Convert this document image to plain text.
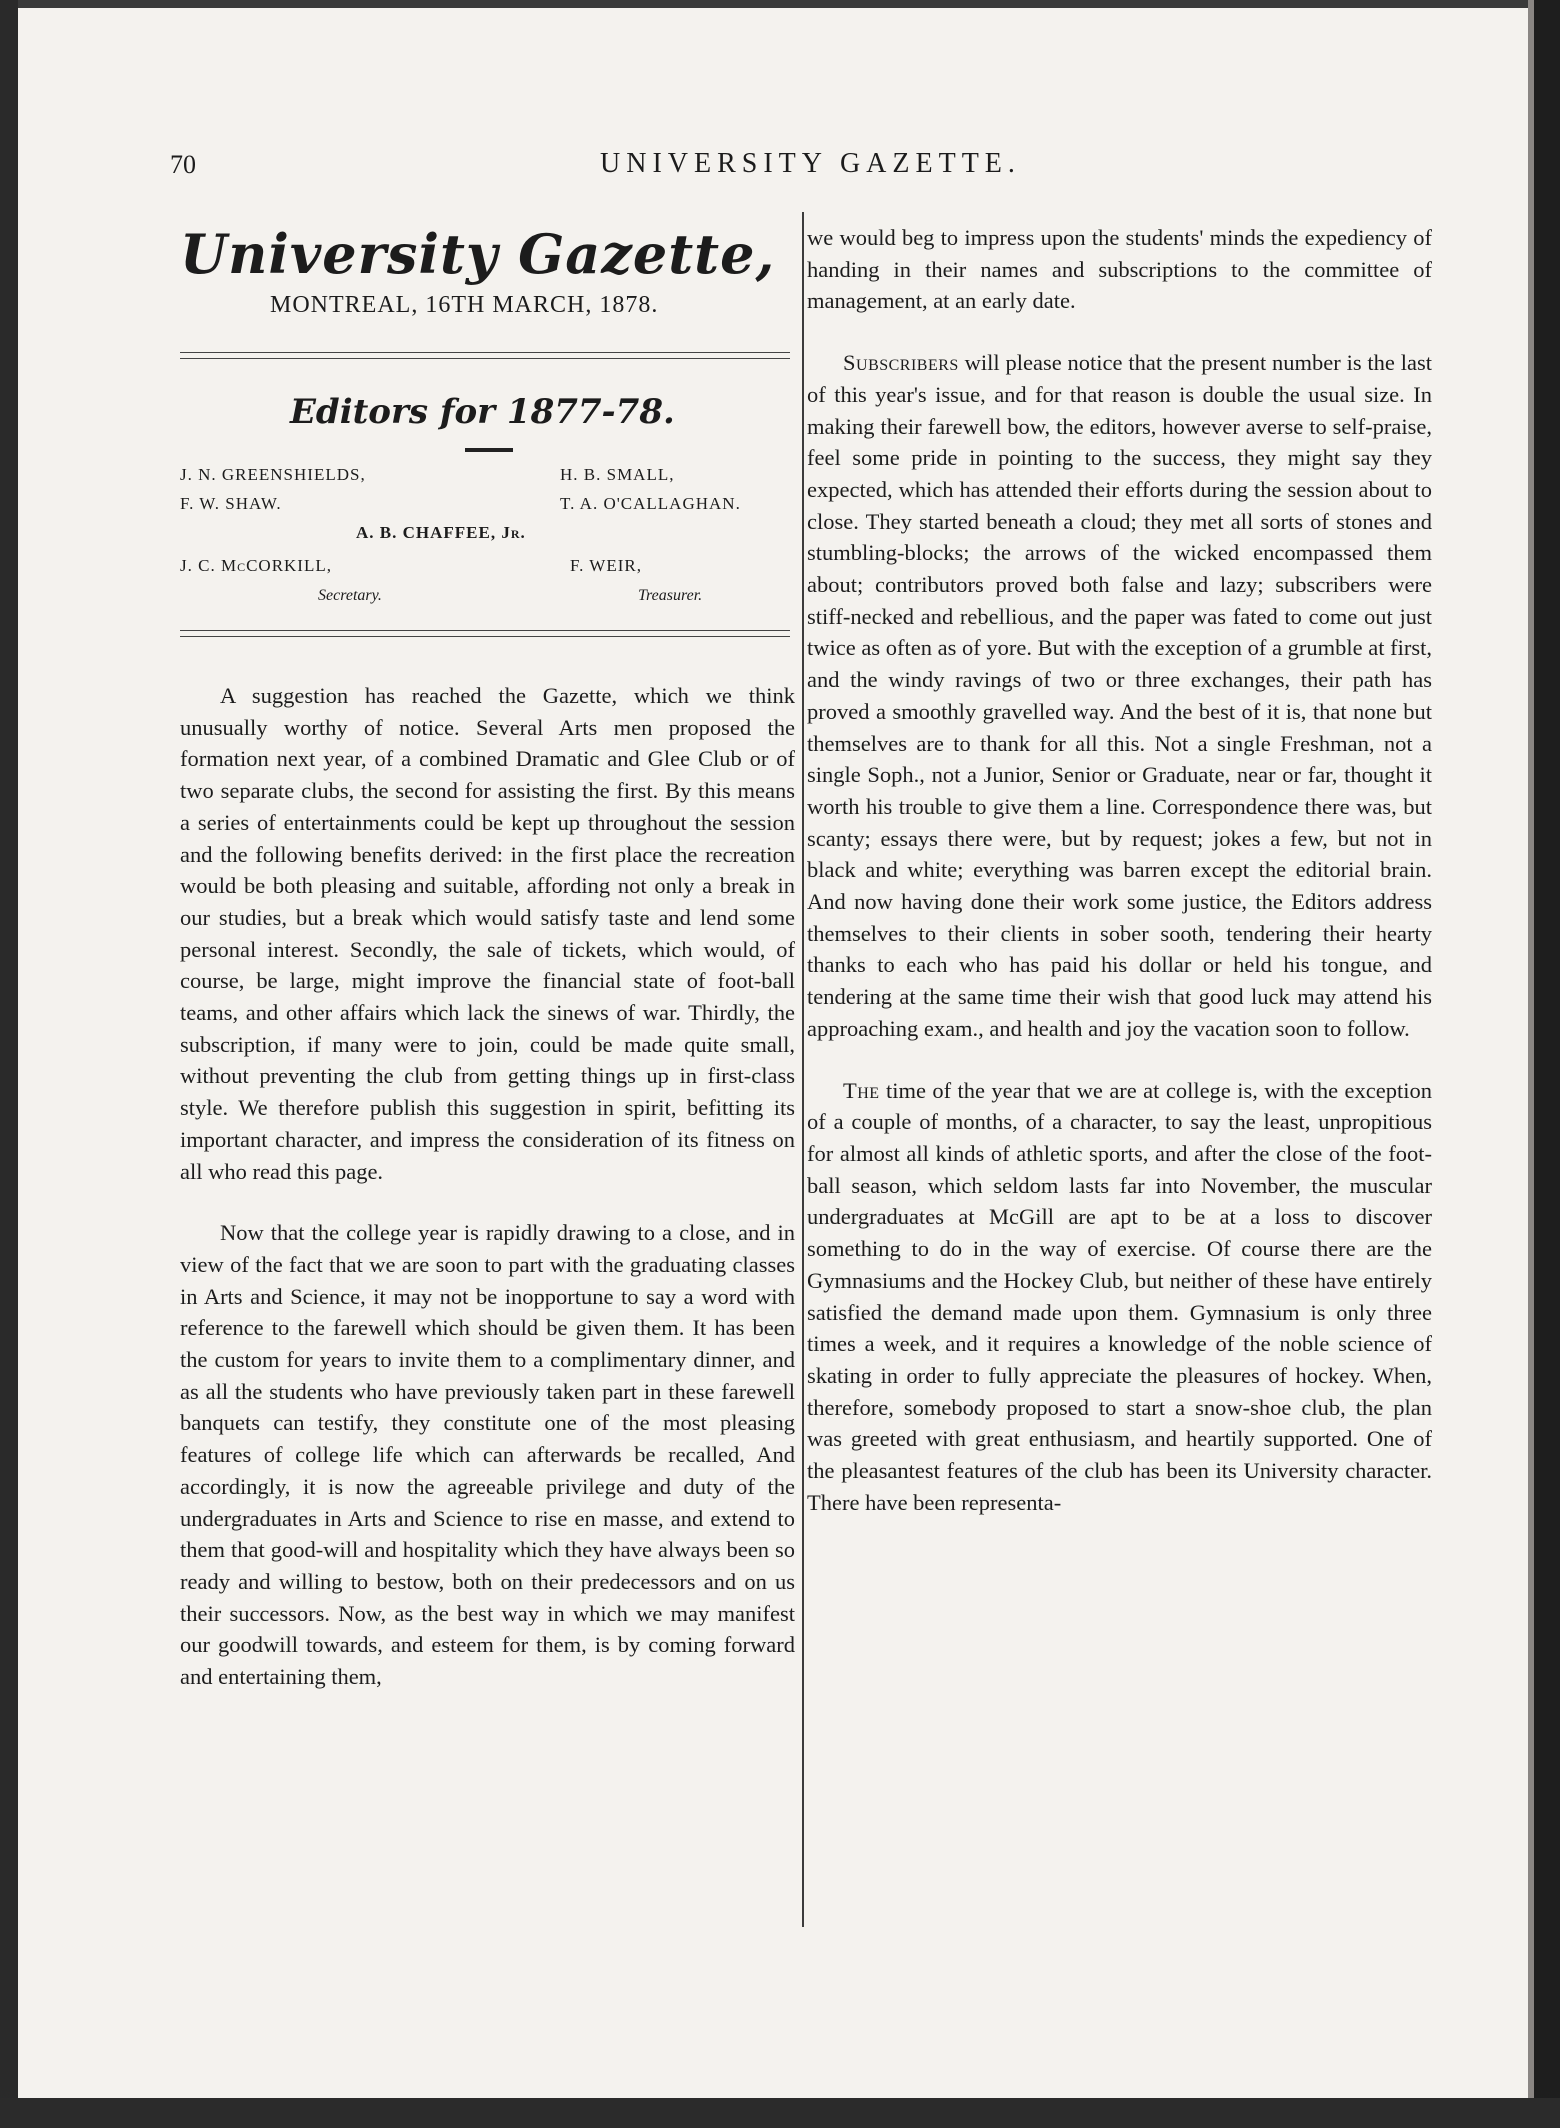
70	UNIVERSITY GAZETTE.
University Gazette,
MONTREAL, 16TH MARCH, 1878.
Editors for 1877-78.
J. N. GREENSHIELDS,	H. B. SMALL,
F. W. SHAW.	T. A. O'CALLAGHAN.
A. B. CHAFFEE, Jr.
J. C. McCORKILL,	F. WEIR,
Secretary.	Treasurer.

A suggestion has reached the Gazette, which we think unusually worthy of notice. Several Arts men proposed the formation next year, of a combined Dramatic and Glee Club or of two separate clubs, the second for assisting the first. By this means a series of entertainments could be kept up throughout the session and the following benefits derived: in the first place the recreation would be both pleasing and suitable, affording not only a break in our studies, but a break which would satisfy taste and lend some personal interest. Secondly, the sale of tickets, which would, of course, be large, might improve the financial state of foot-ball teams, and other affairs which lack the sinews of war. Thirdly, the subscription, if many were to join, could be made quite small, without preventing the club from getting things up in first-class style. We therefore publish this suggestion in spirit, befitting its important character, and impress the consideration of its fitness on all who read this page.

Now that the college year is rapidly drawing to a close, and in view of the fact that we are soon to part with the graduating classes in Arts and Science, it may not be inopportune to say a word with reference to the farewell which should be given them. It has been the custom for years to invite them to a complimentary dinner, and as all the students who have previously taken part in these farewell banquets can testify, they constitute one of the most pleasing features of college life which can afterwards be recalled, And accordingly, it is now the agreeable privilege and duty of the undergraduates in Arts and Science to rise en masse, and extend to them that good-will and hospitality which they have always been so ready and willing to bestow, both on their predecessors and on us their successors. Now, as the best way in which we may manifest our goodwill towards, and esteem for them, is by coming forward and entertaining them,

we would beg to impress upon the students' minds the expediency of handing in their names and subscriptions to the committee of management, at an early date.

Subscribers will please notice that the present number is the last of this year's issue, and for that reason is double the usual size. In making their farewell bow, the editors, however averse to self-praise, feel some pride in pointing to the success, they might say they expected, which has attended their efforts during the session about to close. They started beneath a cloud; they met all sorts of stones and stumbling-blocks; the arrows of the wicked encompassed them about; contributors proved both false and lazy; subscribers were stiff-necked and rebellious, and the paper was fated to come out just twice as often as of yore. But with the exception of a grumble at first, and the windy ravings of two or three exchanges, their path has proved a smoothly gravelled way. And the best of it is, that none but themselves are to thank for all this. Not a single Freshman, not a single Soph., not a Junior, Senior or Graduate, near or far, thought it worth his trouble to give them a line. Correspondence there was, but scanty; essays there were, but by request; jokes a few, but not in black and white; everything was barren except the editorial brain. And now having done their work some justice, the Editors address themselves to their clients in sober sooth, tendering their hearty thanks to each who has paid his dollar or held his tongue, and tendering at the same time their wish that good luck may attend his approaching exam., and health and joy the vacation soon to follow.

The time of the year that we are at college is, with the exception of a couple of months, of a character, to say the least, unpropitious for almost all kinds of athletic sports, and after the close of the foot-ball season, which seldom lasts far into November, the muscular undergraduates at McGill are apt to be at a loss to discover something to do in the way of exercise. Of course there are the Gymnasiums and the Hockey Club, but neither of these have entirely satisfied the demand made upon them. Gymnasium is only three times a week, and it requires a knowledge of the noble science of skating in order to fully appreciate the pleasures of hockey. When, therefore, somebody proposed to start a snow-shoe club, the plan was greeted with great enthusiasm, and heartily supported. One of the pleasantest features of the club has been its University character. There have been representa-
